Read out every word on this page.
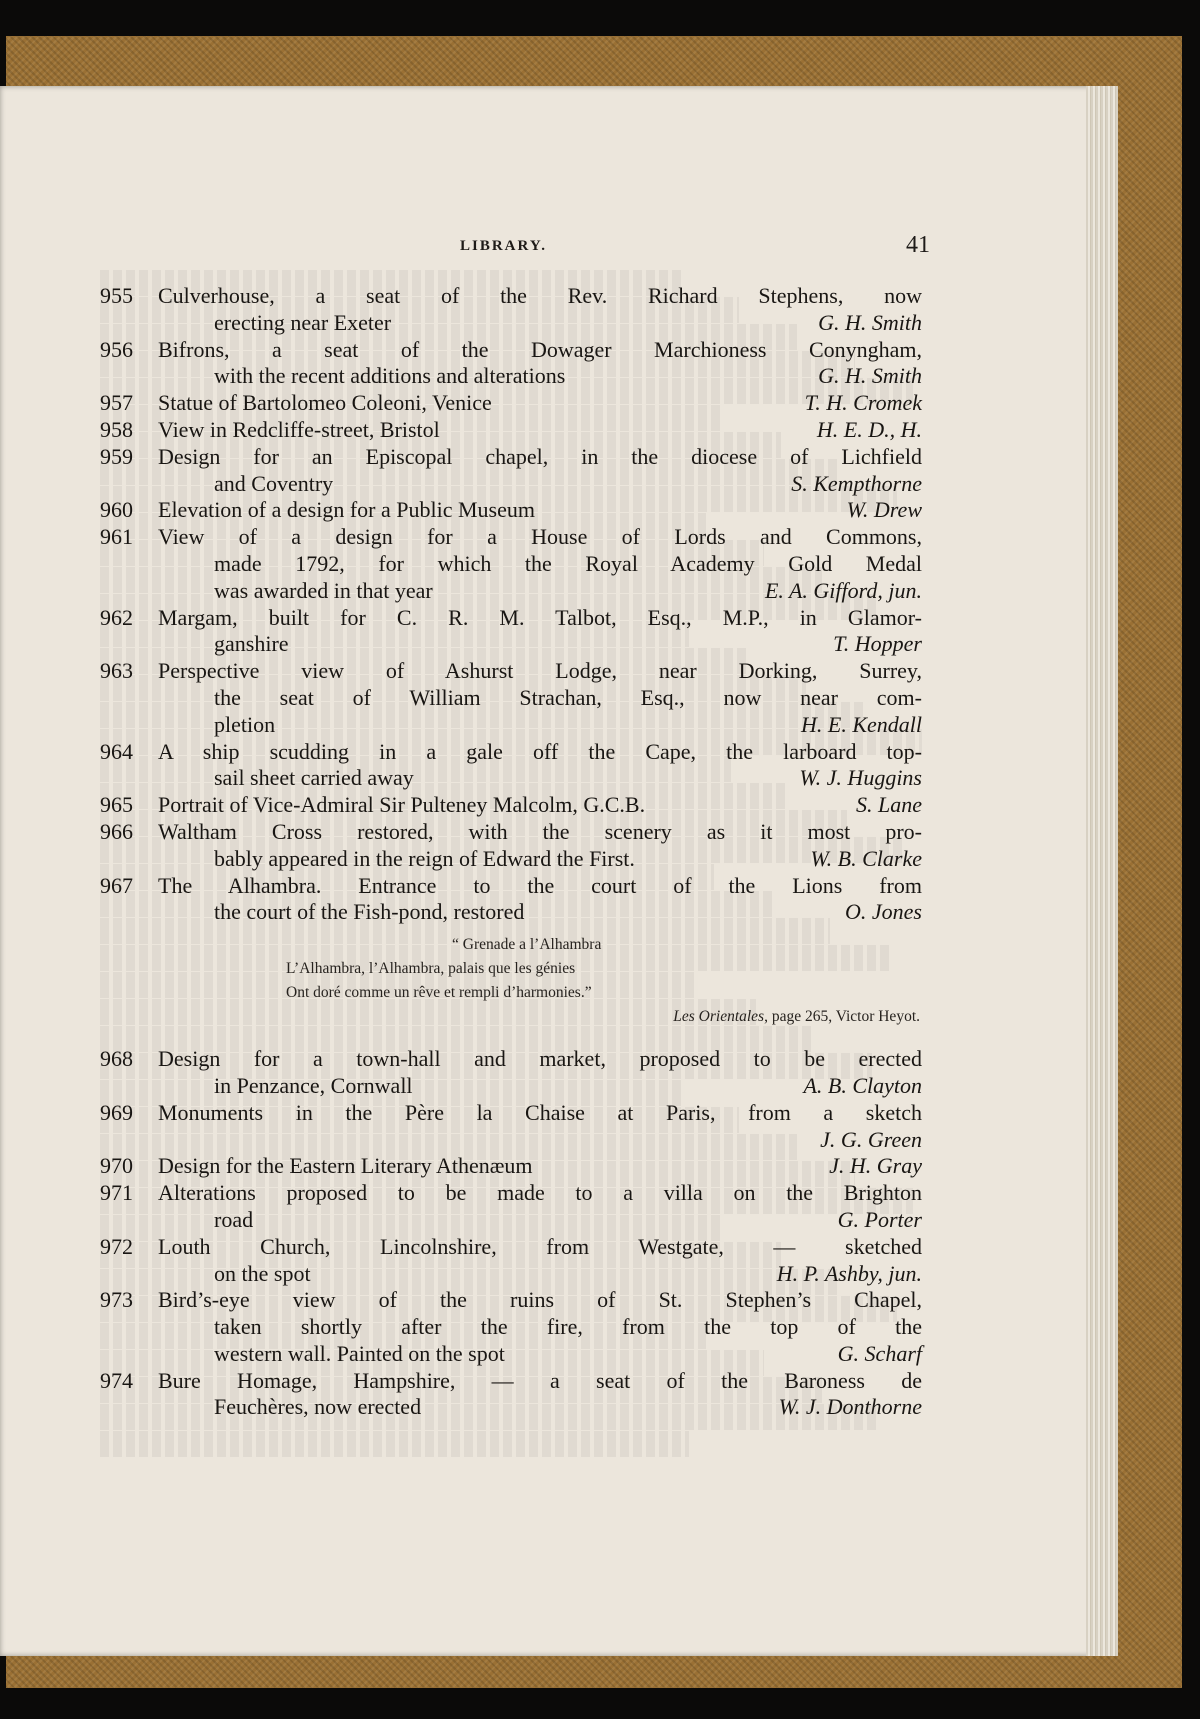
LIBRARY.	41
955	Culverhouse, a seat of the Rev. Richard Stephens, now
erecting near Exeter	G. H. Smith
956	Bifrons, a seat of the Dowager Marchioness Conyngham,
with the recent additions and alterations	G. H. Smith
957	Statue of Bartolomeo Coleoni, Venice	T. H. Cromek
958	View in Redcliffe-street, Bristol	H. E. D., H.
959	Design for an Episcopal chapel, in the diocese of Lichfield
and Coventry	S. Kempthorne
960	Elevation of a design for a Public Museum	W. Drew
961	View of a design for a House of Lords and Commons,
made 1792, for which the Royal Academy Gold Medal
was awarded in that year	E. A. Gifford, jun.
962	Margam, built for C. R. M. Talbot, Esq., M.P., in Glamor-
ganshire	T. Hopper
963	Perspective view of Ashurst Lodge, near Dorking, Surrey,
the seat of William Strachan, Esq., now near com-
pletion	H. E. Kendall
964	A ship scudding in a gale off the Cape, the larboard top-
sail sheet carried away	W. J. Huggins
965	Portrait of Vice-Admiral Sir Pulteney Malcolm, G.C.B.	S. Lane
966	Waltham Cross restored, with the scenery as it most pro-
bably appeared in the reign of Edward the First.	W. B. Clarke
967	The Alhambra. Entrance to the court of the Lions from
the court of the Fish-pond, restored	O. Jones
“ Grenade a l’Alhambra
L’Alhambra, l’Alhambra, palais que les génies
Ont doré comme un rêve et rempli d’harmonies.”
Les Orientales, page 265, Victor Heyot.
968	Design for a town-hall and market, proposed to be erected
in Penzance, Cornwall	A. B. Clayton
969	Monuments in the Père la Chaise at Paris, from a sketch
J. G. Green
970	Design for the Eastern Literary Athenæum	J. H. Gray
971	Alterations proposed to be made to a villa on the Brighton
road	G. Porter
972	Louth Church, Lincolnshire, from Westgate, — sketched
on the spot	H. P. Ashby, jun.
973	Bird’s-eye view of the ruins of St. Stephen’s Chapel,
taken shortly after the fire, from the top of the
western wall. Painted on the spot	G. Scharf
974	Bure Homage, Hampshire, — a seat of the Baroness de
Feuchères, now erected	W. J. Donthorne
